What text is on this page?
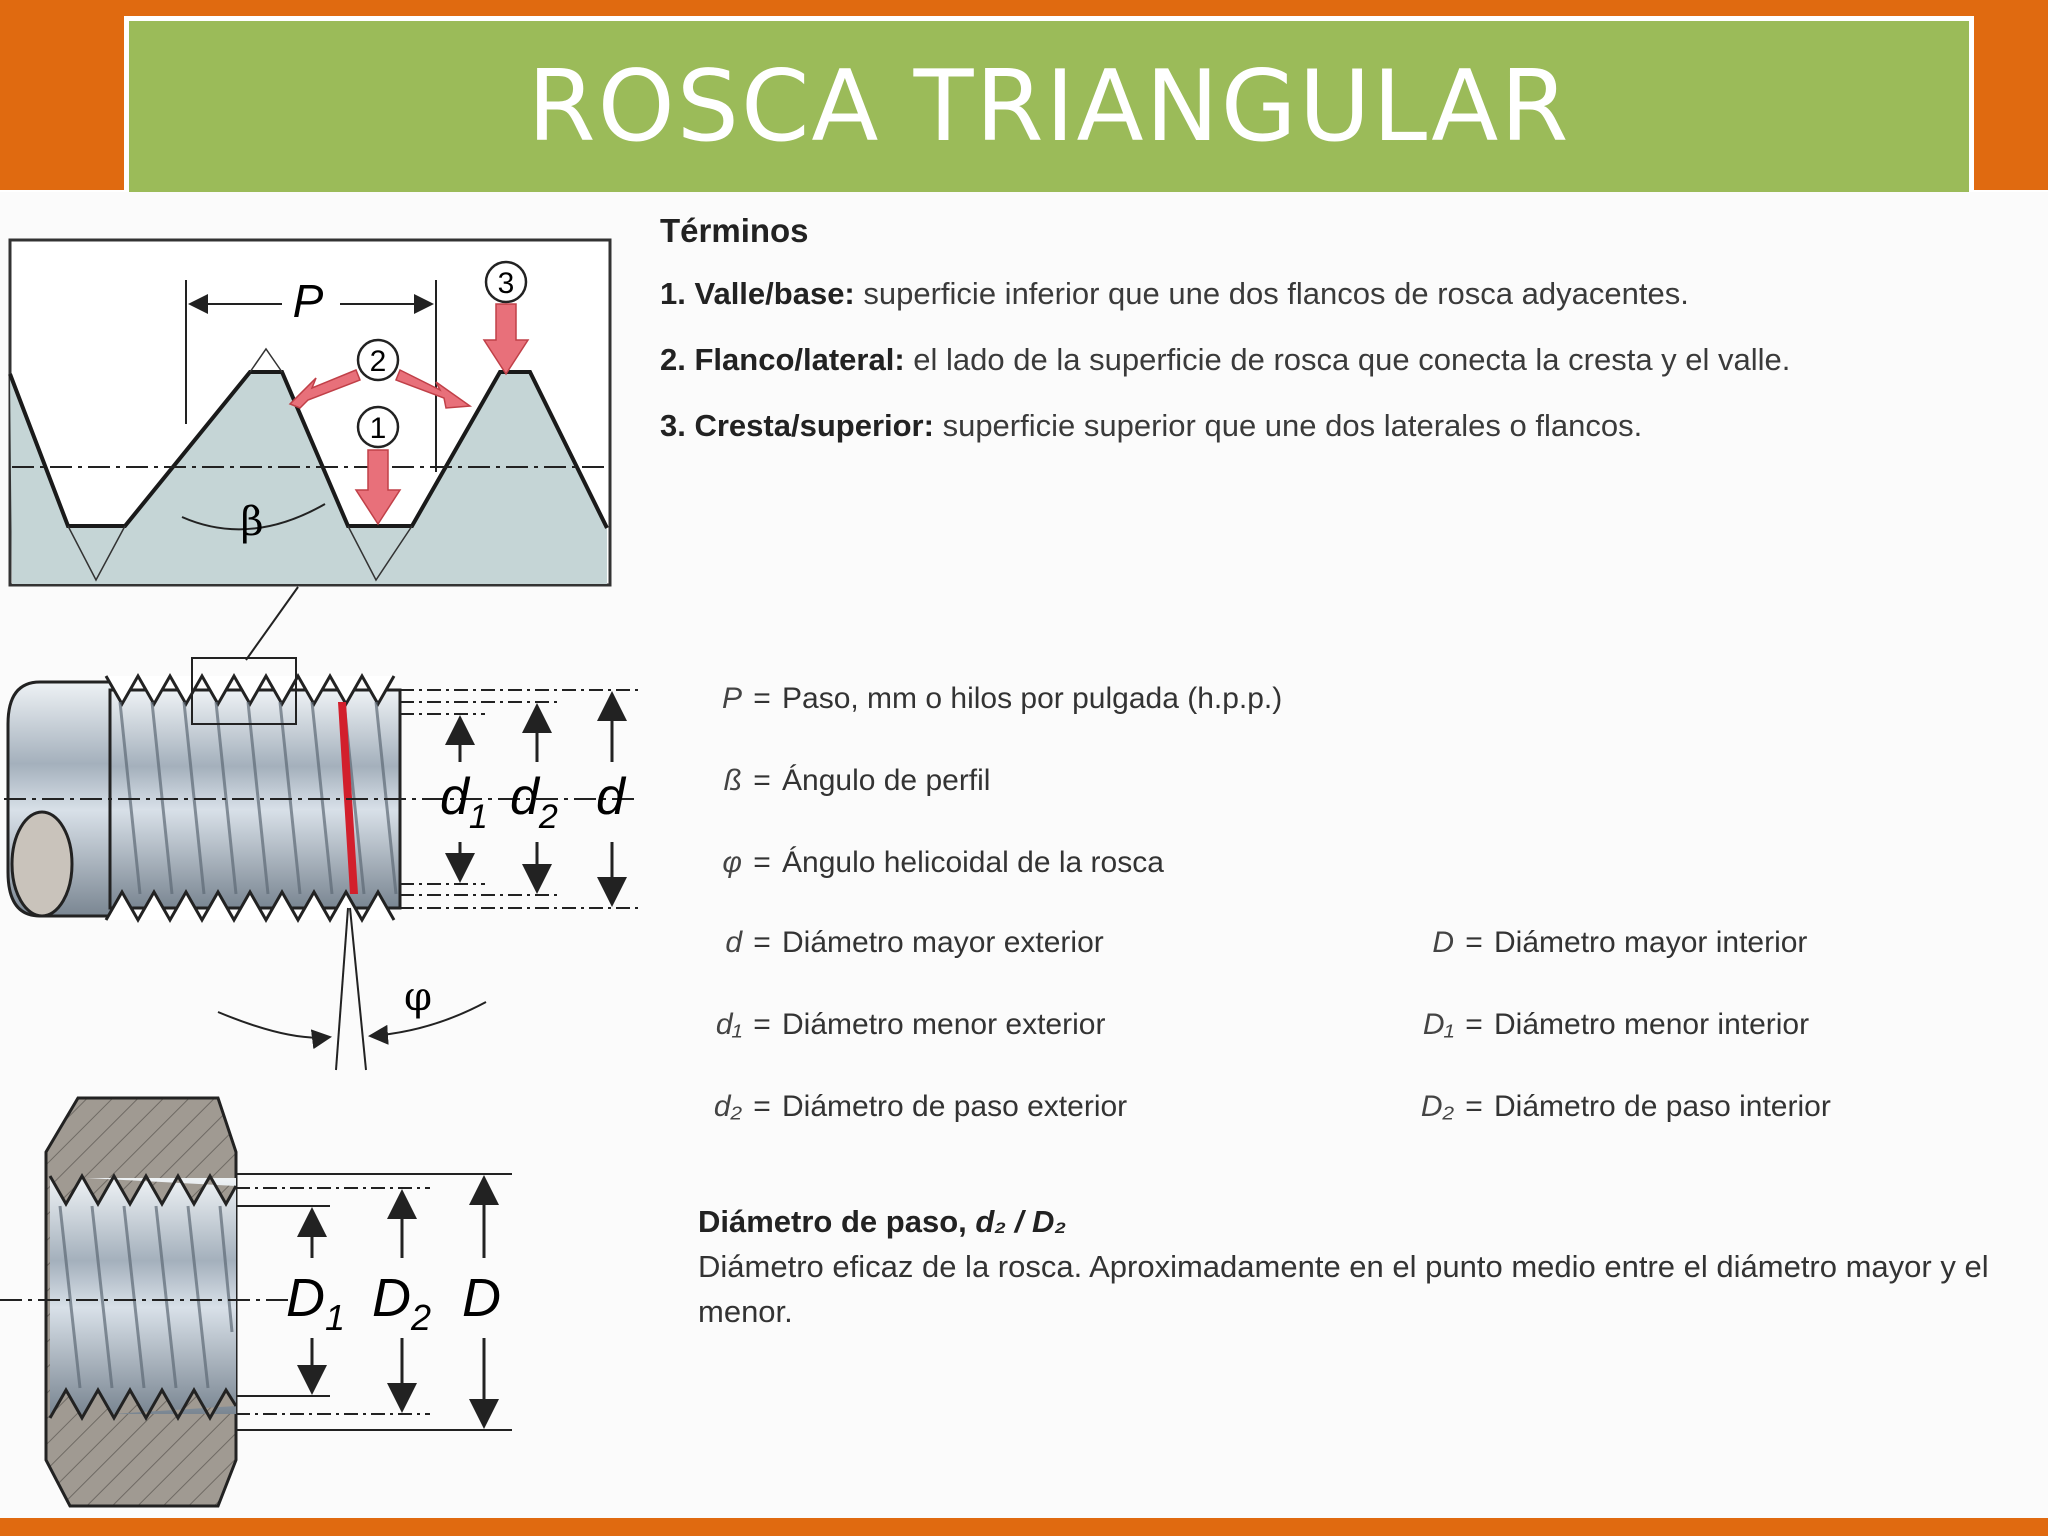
ROSCA TRIANGULAR
P
β
3
2
1
$d_1$ $d_2$ d
φ
$D_1$ $D_2$ D
Términos
1. Valle/base: superficie inferior que une dos flancos de rosca adyacentes.
2. Flanco/lateral: el lado de la superficie de rosca que conecta la cresta y el valle.
3. Cresta/superior: superficie superior que une dos laterales o flancos.
P = Paso, mm o hilos por pulgada (h.p.p.)
ß = Ángulo de perfil
φ = Ángulo helicoidal de la rosca
d = Diámetro mayor exterior
d₁ = Diámetro menor exterior
d₂ = Diámetro de paso exterior
D = Diámetro mayor interior
D₁ = Diámetro menor interior
D₂ = Diámetro de paso interior
Diámetro de paso, d₂ / D₂
Diámetro eficaz de la rosca. Aproximadamente en el punto medio entre el diámetro mayor y el menor.
